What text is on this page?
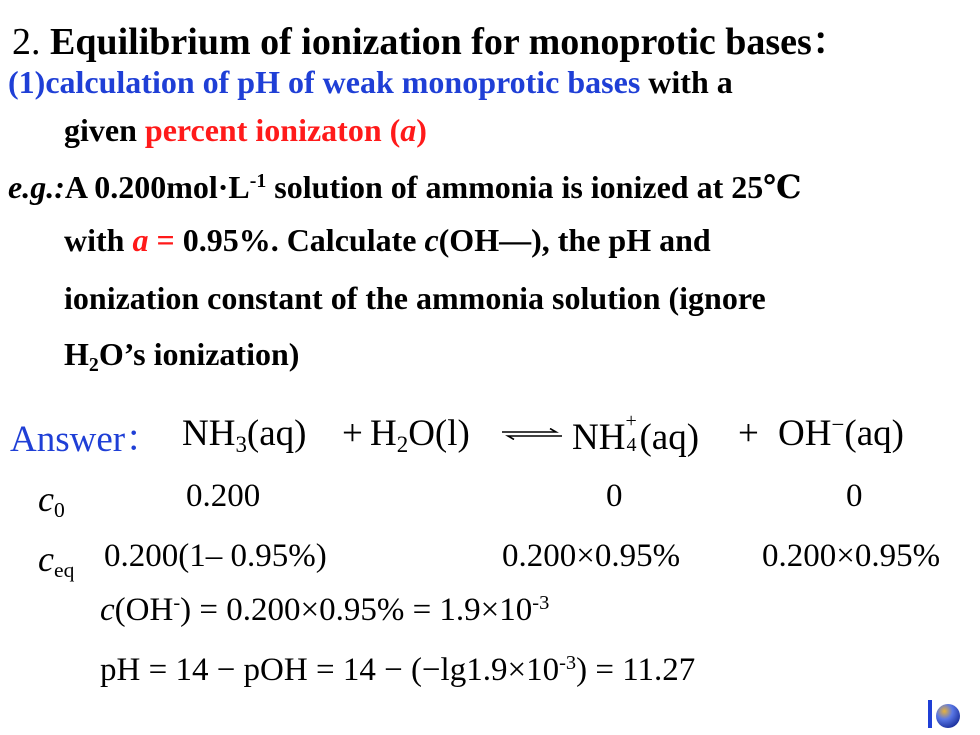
2. Equilibrium of ionization for monoprotic bases：
(1)calculation of pH of weak monoprotic bases with a
given percent ionizaton (a)
e.g.:A $0.200mol\cdot L^{-1}$ solution of ammonia is ionized at 25℃
with a = 0.95%. Calculate c(OH—), the pH and
ionization constant of the ammonia solution (ignore
$H_2O’s$ ionization)
Answer： $NH_3(aq) + H_2O(l)$ ⇌ NH +
4 (aq) + OH−(aq)
$c_0$	0.200	0	0
$c_{eq}$ 0.200(1– 0.95%)	0.200×0.95% 0.200×0.95%
$c(OH^-) = 0.200\times 0.95\% = 1.9\times 10^{-3}$
pH = 14 − pOH = $14 - (-\lg 1.9\times 10^{-3}) = 11.27$
